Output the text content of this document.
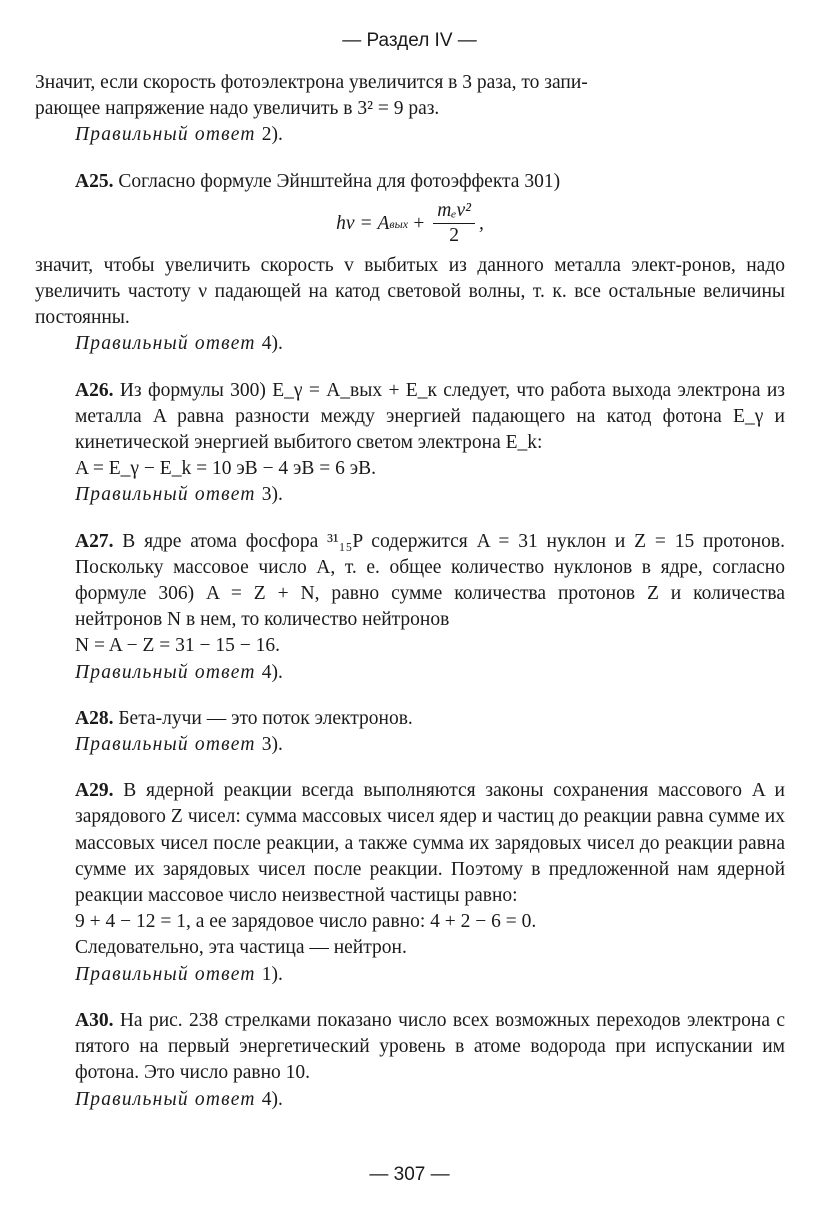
— Раздел IV —

Значит, если скорость фотоэлектрона увеличится в 3 раза, то запи-

рающее напряжение надо увеличить в 3² = 9 раз.

Правильный ответ 2).

А25. Согласно формуле Эйнштейна для фотоэффекта 301)

hν = A вых + $\frac{\text{mₑv²}}{2}$ ,

значит, чтобы увеличить скорость v выбитых из данного металла элект-ронов, надо увеличить частоту ν падающей на катод световой волны, т. к. все остальные величины постоянны.

Правильный ответ 4).

А26. Из формулы 300) E_γ = A_вых + E_к следует, что работа выхода электрона из металла A равна разности между энергией падающего на катод фотона E_γ и кинетической энергией выбитого светом электрона E_k:

A = E_γ − E_k = 10 эВ − 4 эВ = 6 эВ.

Правильный ответ 3).

А27. В ядре атома фосфора ³¹₁₅P содержится A = 31 нуклон и Z = 15 протонов. Поскольку массовое число A, т. е. общее количество нуклонов в ядре, согласно формуле 306) A = Z + N, равно сумме количества протонов Z и количества нейтронов N в нем, то количество нейтронов

N = A − Z = 31 − 15 − 16.

Правильный ответ 4).

А28. Бета-лучи — это поток электронов.

Правильный ответ 3).

А29. В ядерной реакции всегда выполняются законы сохранения массового A и зарядового Z чисел: сумма массовых чисел ядер и частиц до реакции равна сумме их массовых чисел после реакции, а также сумма их зарядовых чисел до реакции равна сумме их зарядовых чисел после реакции. Поэтому в предложенной нам ядерной реакции массовое число неизвестной частицы равно:

9 + 4 − 12 = 1, а ее зарядовое число равно: 4 + 2 − 6 = 0.

Следовательно, эта частица — нейтрон.

Правильный ответ 1).

А30. На рис. 238 стрелками показано число всех возможных переходов электрона с пятого на первый энергетический уровень в атоме водорода при испускании им фотона. Это число равно 10.

Правильный ответ 4).

— 307 —
